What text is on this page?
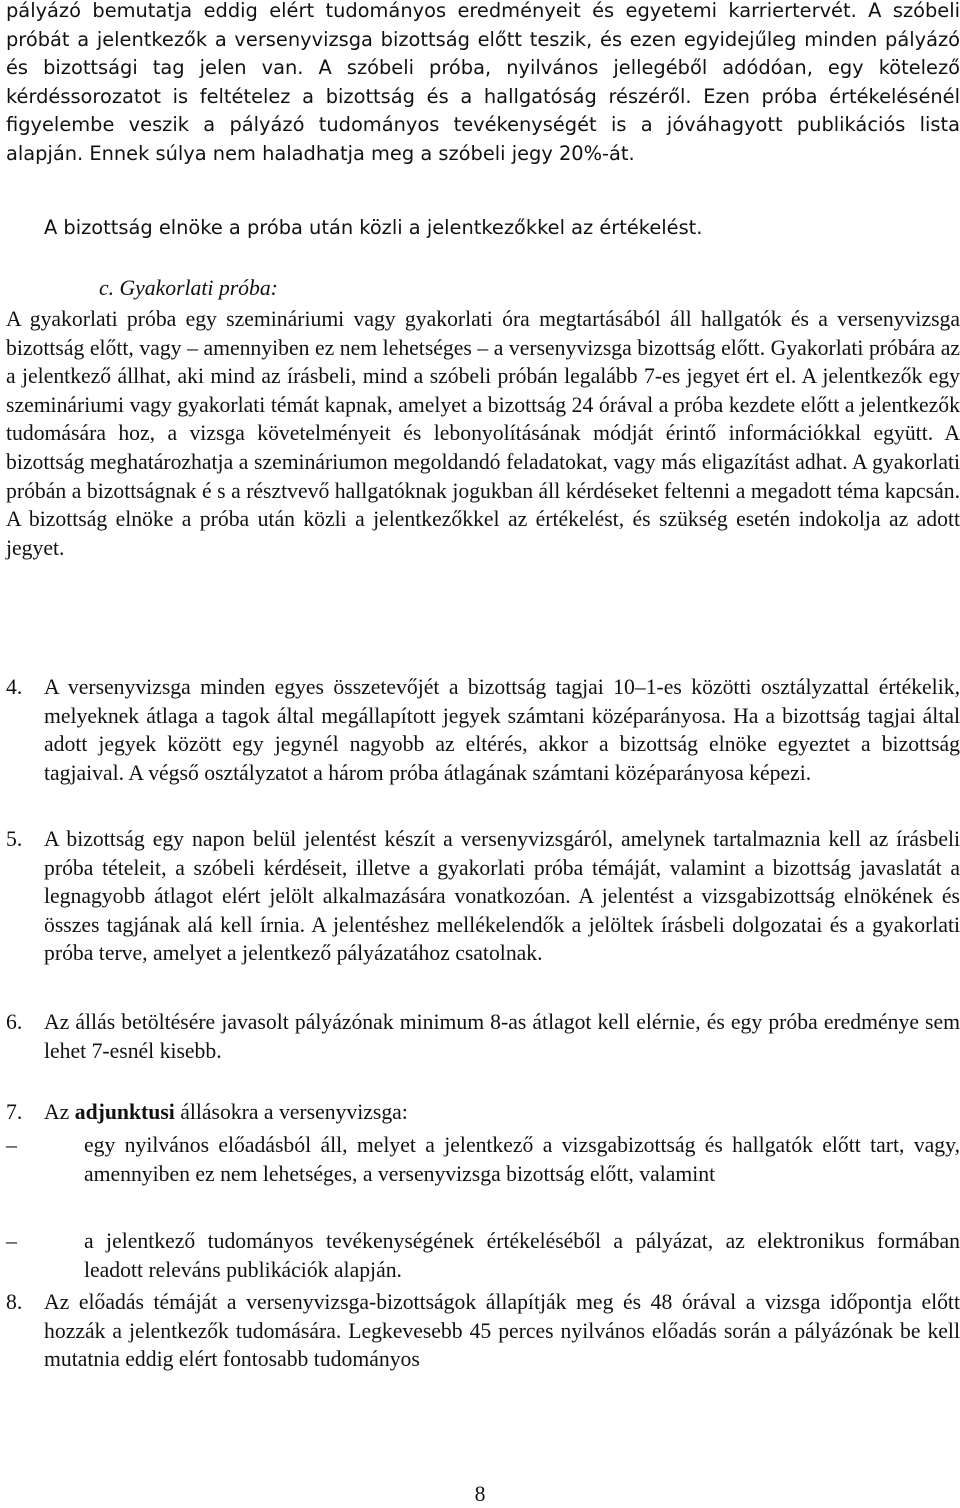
pályázó bemutatja eddig elért tudományos eredményeit és egyetemi karriertervét. A szóbeli próbát a jelentkezők a versenyvizsga bizottság előtt teszik, és ezen egyidejűleg minden pályázó és bizottsági tag jelen van. A szóbeli próba, nyilvános jellegéből adódóan, egy kötelező kérdéssorozatot is feltételez a bizottság és a hallgatóság részéről. Ezen próba értékelésénél figyelembe veszik a pályázó tudományos tevékenységét is a jóváhagyott publikációs lista alapján. Ennek súlya nem haladhatja meg a szóbeli jegy 20%-át.
A bizottság elnöke a próba után közli a jelentkezőkkel az értékelést.
c. Gyakorlati próba:
A gyakorlati próba egy szemináriumi vagy gyakorlati óra megtartásából áll hallgatók és a versenyvizsga bizottság előtt, vagy – amennyiben ez nem lehetséges – a versenyvizsga bizottság előtt. Gyakorlati próbára az a jelentkező állhat, aki mind az írásbeli, mind a szóbeli próbán legalább 7-es jegyet ért el. A jelentkezők egy szemináriumi vagy gyakorlati témát kapnak, amelyet a bizottság 24 órával a próba kezdete előtt a jelentkezők tudomására hoz, a vizsga követelményeit és lebonyolításának módját érintő információkkal együtt. A bizottság meghatározhatja a szemináriumon megoldandó feladatokat, vagy más eligazítást adhat. A gyakorlati próbán a bizottságnak é s a résztvevő hallgatóknak jogukban áll kérdéseket feltenni a megadott téma kapcsán. A bizottság elnöke a próba után közli a jelentkezőkkel az értékelést, és szükség esetén indokolja az adott jegyet.
4.	A versenyvizsga minden egyes összetevőjét a bizottság tagjai 10–1-es közötti osztályzattal értékelik, melyeknek átlaga a tagok által megállapított jegyek számtani középarányosa. Ha a bizottság tagjai által adott jegyek között egy jegynél nagyobb az eltérés, akkor a bizottság elnöke egyeztet a bizottság tagjaival. A végső osztályzatot a három próba átlagának számtani középarányosa képezi.
5.	A bizottság egy napon belül jelentést készít a versenyvizsgáról, amelynek tartalmaznia kell az írásbeli próba tételeit, a szóbeli kérdéseit, illetve a gyakorlati próba témáját, valamint a bizottság javaslatát a legnagyobb átlagot elért jelölt alkalmazására vonatkozóan. A jelentést a vizsgabizottság elnökének és összes tagjának alá kell írnia. A jelentéshez mellékelendők a jelöltek írásbeli dolgozatai és a gyakorlati próba terve, amelyet a jelentkező pályázatához csatolnak.
6.	Az állás betöltésére javasolt pályázónak minimum 8-as átlagot kell elérnie, és egy próba eredménye sem lehet 7-esnél kisebb.
7.	Az adjunktusi állásokra a versenyvizsga:
–	egy nyilvános előadásból áll, melyet a jelentkező a vizsgabizottság és hallgatók előtt tart, vagy, amennyiben ez nem lehetséges, a versenyvizsga bizottság előtt, valamint
–	a jelentkező tudományos tevékenységének értékeléséből a pályázat, az elektronikus formában leadott releváns publikációk alapján.
8.	Az előadás témáját a versenyvizsga-bizottságok állapítják meg és 48 órával a vizsga időpontja előtt hozzák a jelentkezők tudomására. Legkevesebb 45 perces nyilvános előadás során a pályázónak be kell mutatnia eddig elért fontosabb tudományos
8
